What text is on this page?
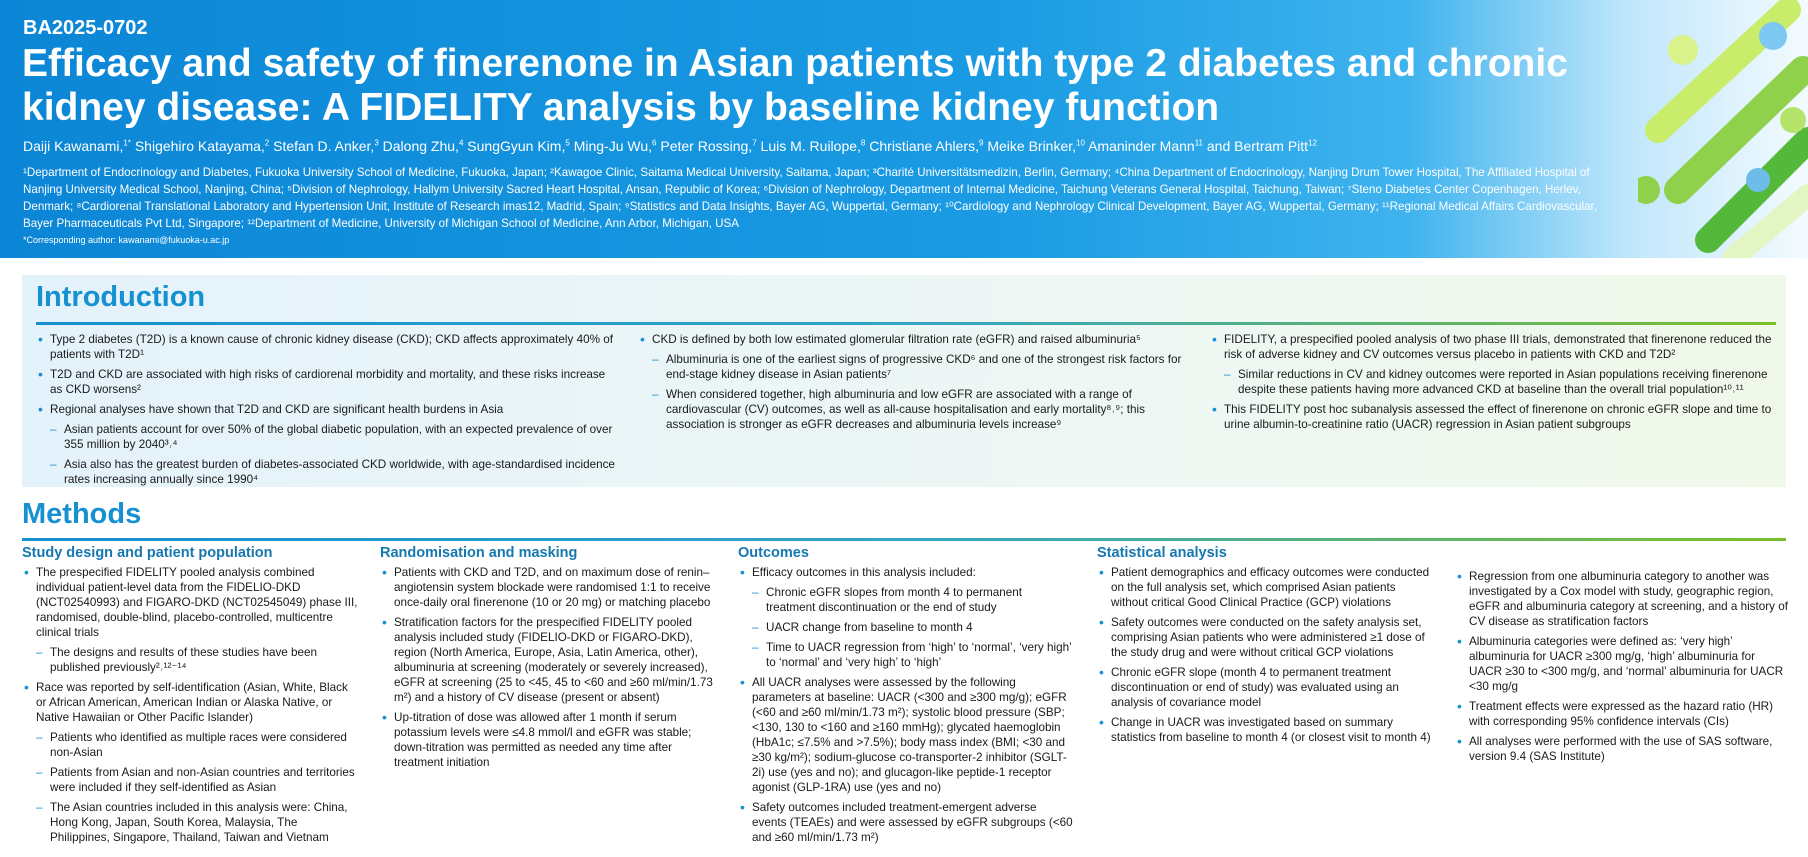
BA2025-0702
Efficacy and safety of finerenone in Asian patients with type 2 diabetes and chronic kidney disease: A FIDELITY analysis by baseline kidney function
Daiji Kawanami,$^{1*}$ Shigehiro Katayama,$^2$ Stefan D. Anker,$^3$ Dalong Zhu,$^4$ SungGyun Kim,$^5$ Ming-Ju Wu,$^6$ Peter Rossing,$^7$ Luis M. Ruilope,$^8$ Christiane Ahlers,$^9$ Meike Brinker,$^{10}$ Amaninder Mann$^{11}$ and Bertram Pitt$^{12}$
¹Department of Endocrinology and Diabetes, Fukuoka University School of Medicine, Fukuoka, Japan; ²Kawagoe Clinic, Saitama Medical University, Saitama, Japan; ³Charité Universitätsmedizin, Berlin, Germany; ⁴China Department of Endocrinology, Nanjing Drum Tower Hospital, The Affiliated Hospital of Nanjing University Medical School, Nanjing, China; ⁵Division of Nephrology, Hallym University Sacred Heart Hospital, Ansan, Republic of Korea; ⁶Division of Nephrology, Department of Internal Medicine, Taichung Veterans General Hospital, Taichung, Taiwan; ⁷Steno Diabetes Center Copenhagen, Herlev, Denmark; ⁸Cardiorenal Translational Laboratory and Hypertension Unit, Institute of Research imas12, Madrid, Spain; ⁹Statistics and Data Insights, Bayer AG, Wuppertal, Germany; ¹⁰Cardiology and Nephrology Clinical Development, Bayer AG, Wuppertal, Germany; ¹¹Regional Medical Affairs Cardiovascular, Bayer Pharmaceuticals Pvt Ltd, Singapore; ¹²Department of Medicine, University of Michigan School of Medicine, Ann Arbor, Michigan, USA
*Corresponding author: kawanami@fukuoka-u.ac.jp
Introduction
• Type 2 diabetes (T2D) is a known cause of chronic kidney disease (CKD); CKD affects approximately 40% of patients with T2D¹
• T2D and CKD are associated with high risks of cardiorenal morbidity and mortality, and these risks increase as CKD worsens²
• Regional analyses have shown that T2D and CKD are significant health burdens in Asia
– Asian patients account for over 50% of the global diabetic population, with an expected prevalence of over 355 million by 2040³˒⁴
– Asia also has the greatest burden of diabetes-associated CKD worldwide, with age-standardised incidence rates increasing annually since 1990⁴
• CKD is defined by both low estimated glomerular filtration rate (eGFR) and raised albuminuria⁵
– Albuminuria is one of the earliest signs of progressive CKD⁶ and one of the strongest risk factors for end-stage kidney disease in Asian patients⁷
– When considered together, high albuminuria and low eGFR are associated with a range of cardiovascular (CV) outcomes, as well as all-cause hospitalisation and early mortality⁸˒⁹; this association is stronger as eGFR decreases and albuminuria levels increase⁹
• FIDELITY, a prespecified pooled analysis of two phase III trials, demonstrated that finerenone reduced the risk of adverse kidney and CV outcomes versus placebo in patients with CKD and T2D²
– Similar reductions in CV and kidney outcomes were reported in Asian populations receiving finerenone despite these patients having more advanced CKD at baseline than the overall trial population¹⁰˒¹¹
• This FIDELITY post hoc subanalysis assessed the effect of finerenone on chronic eGFR slope and time to urine albumin-to-creatinine ratio (UACR) regression in Asian patient subgroups
Methods
Study design and patient population
• The prespecified FIDELITY pooled analysis combined individual patient-level data from the FIDELIO-DKD (NCT02540993) and FIGARO-DKD (NCT02545049) phase III, randomised, double-blind, placebo-controlled, multicentre clinical trials
– The designs and results of these studies have been published previously²˒¹²⁻¹⁴
• Race was reported by self-identification (Asian, White, Black or African American, American Indian or Alaska Native, or Native Hawaiian or Other Pacific Islander)
– Patients who identified as multiple races were considered non-Asian
– Patients from Asian and non-Asian countries and territories were included if they self-identified as Asian
– The Asian countries included in this analysis were: China, Hong Kong, Japan, South Korea, Malaysia, The Philippines, Singapore, Thailand, Taiwan and Vietnam
Randomisation and masking
• Patients with CKD and T2D, and on maximum dose of renin–angiotensin system blockade were randomised 1:1 to receive once-daily oral finerenone (10 or 20 mg) or matching placebo
• Stratification factors for the prespecified FIDELITY pooled analysis included study (FIDELIO-DKD or FIGARO-DKD), region (North America, Europe, Asia, Latin America, other), albuminuria at screening (moderately or severely increased), eGFR at screening (25 to <45, 45 to <60 and ≥60 ml/min/1.73 m²) and a history of CV disease (present or absent)
• Up-titration of dose was allowed after 1 month if serum potassium levels were ≤4.8 mmol/l and eGFR was stable; down-titration was permitted as needed any time after treatment initiation
Outcomes
• Efficacy outcomes in this analysis included:
– Chronic eGFR slopes from month 4 to permanent treatment discontinuation or the end of study
– UACR change from baseline to month 4
– Time to UACR regression from ‘high’ to ‘normal’, ‘very high’ to ‘normal’ and ‘very high’ to ‘high’
• All UACR analyses were assessed by the following parameters at baseline: UACR (<300 and ≥300 mg/g); eGFR (<60 and ≥60 ml/min/1.73 m²); systolic blood pressure (SBP; <130, 130 to <160 and ≥160 mmHg); glycated haemoglobin (HbA1c; ≤7.5% and >7.5%); body mass index (BMI; <30 and ≥30 kg/m²); sodium-glucose co-transporter-2 inhibitor (SGLT-2i) use (yes and no); and glucagon-like peptide-1 receptor agonist (GLP-1RA) use (yes and no)
• Safety outcomes included treatment-emergent adverse events (TEAEs) and were assessed by eGFR subgroups (<60 and ≥60 ml/min/1.73 m²)
Statistical analysis
• Patient demographics and efficacy outcomes were conducted on the full analysis set, which comprised Asian patients without critical Good Clinical Practice (GCP) violations
• Safety outcomes were conducted on the safety analysis set, comprising Asian patients who were administered ≥1 dose of the study drug and were without critical GCP violations
• Chronic eGFR slope (month 4 to permanent treatment discontinuation or end of study) was evaluated using an analysis of covariance model
• Change in UACR was investigated based on summary statistics from baseline to month 4 (or closest visit to month 4)
• Regression from one albuminuria category to another was investigated by a Cox model with study, geographic region, eGFR and albuminuria category at screening, and a history of CV disease as stratification factors
• Albuminuria categories were defined as: ‘very high’ albuminuria for UACR ≥300 mg/g, ‘high’ albuminuria for UACR ≥30 to <300 mg/g, and ‘normal’ albuminuria for UACR <30 mg/g
• Treatment effects were expressed as the hazard ratio (HR) with corresponding 95% confidence intervals (CIs)
• All analyses were performed with the use of SAS software, version 9.4 (SAS Institute)
